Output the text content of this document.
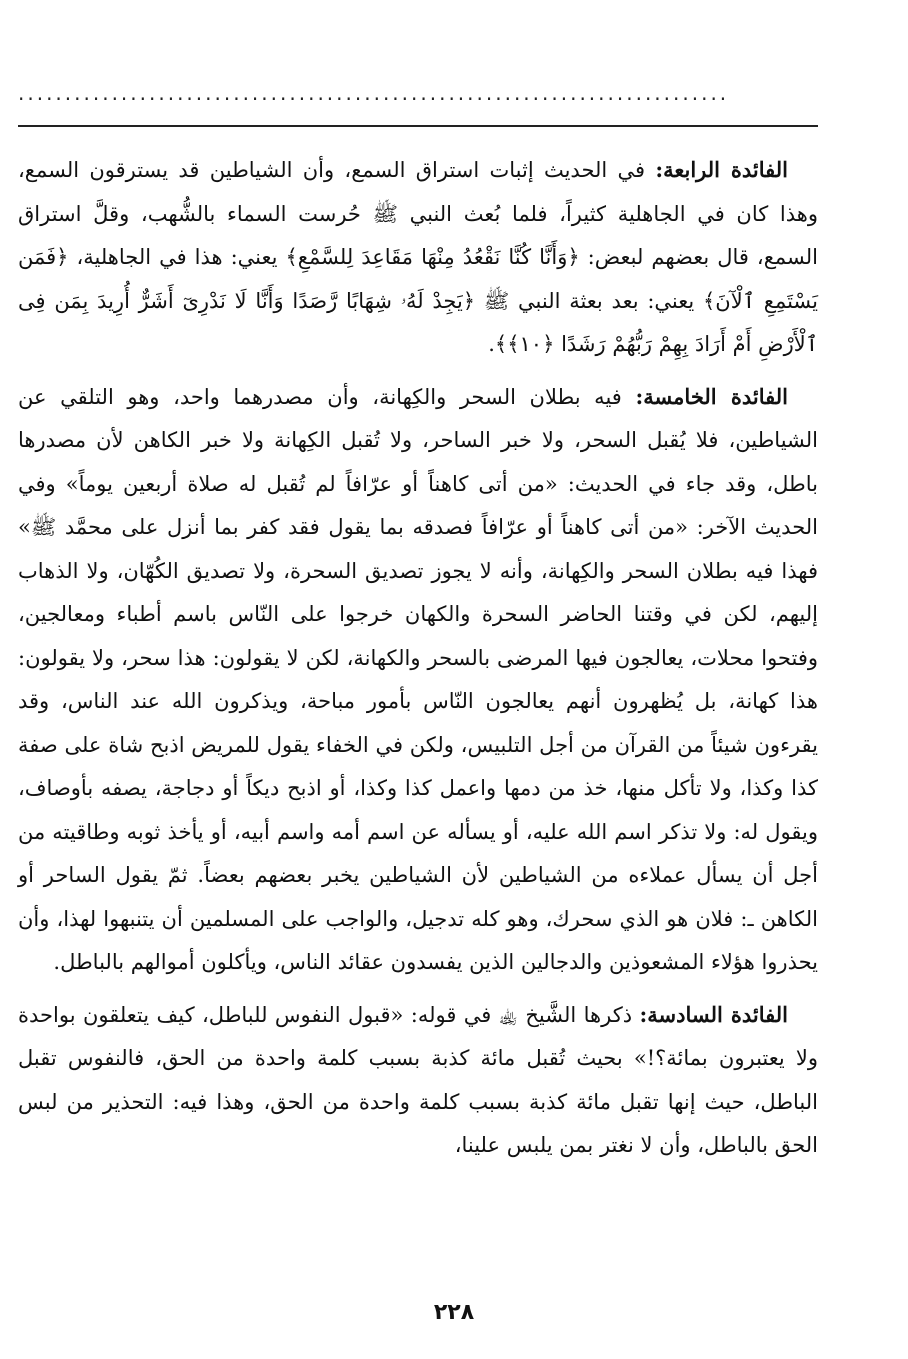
............................................................................

الفائدة الرابعة: في الحديث إثبات استراق السمع، وأن الشياطين قد يسترقون السمع، وهذا كان في الجاهلية كثيراً، فلما بُعث النبي ﷺ حُرست السماء بالشُّهب، وقلَّ استراق السمع، قال بعضهم لبعض: ﴿وَأَنَّا كُنَّا نَقْعُدُ مِنْهَا مَقَاعِدَ لِلسَّمْعِ﴾ يعني: هذا في الجاهلية، ﴿فَمَن يَسْتَمِعِ ٱلْآنَ﴾ يعني: بعد بعثة النبي ﷺ ﴿يَجِدْ لَهُۥ شِهَابًا رَّصَدًا وَأَنَّا لَا نَدْرِىٓ أَشَرٌّ أُرِيدَ بِمَن فِى ٱلْأَرْضِ أَمْ أَرَادَ بِهِمْ رَبُّهُمْ رَشَدًا ﴿١٠﴾﴾.

الفائدة الخامسة: فيه بطلان السحر والكِهانة، وأن مصدرهما واحد، وهو التلقي عن الشياطين، فلا يُقبل السحر، ولا خبر الساحر، ولا تُقبل الكِهانة ولا خبر الكاهن لأن مصدرها باطل، وقد جاء في الحديث: «من أتى كاهناً أو عرّافاً لم تُقبل له صلاة أربعين يوماً» وفي الحديث الآخر: «من أتى كاهناً أو عرّافاً فصدقه بما يقول فقد كفر بما أنزل على محمَّد ﷺ» فهذا فيه بطلان السحر والكِهانة، وأنه لا يجوز تصديق السحرة، ولا تصديق الكُهّان، ولا الذهاب إليهم، لكن في وقتنا الحاضر السحرة والكهان خرجوا على النّاس باسم أطباء ومعالجين، وفتحوا محلات، يعالجون فيها المرضى بالسحر والكهانة، لكن لا يقولون: هذا سحر، ولا يقولون: هذا كهانة، بل يُظهرون أنهم يعالجون النّاس بأمور مباحة، ويذكرون الله عند الناس، وقد يقرءون شيئاً من القرآن من أجل التلبيس، ولكن في الخفاء يقول للمريض اذبح شاة على صفة كذا وكذا، ولا تأكل منها، خذ من دمها واعمل كذا وكذا، أو اذبح ديكاً أو دجاجة، يصفه بأوصاف، ويقول له: ولا تذكر اسم الله عليه، أو يسأله عن اسم أمه واسم أبيه، أو يأخذ ثوبه وطاقيته من أجل أن يسأل عملاءه من الشياطين لأن الشياطين يخبر بعضهم بعضاً. ثمّ يقول الساحر أو الكاهن ـ: فلان هو الذي سحرك، وهو كله تدجيل، والواجب على المسلمين أن يتنبهوا لهذا، وأن يحذروا هؤلاء المشعوذين والدجالين الذين يفسدون عقائد الناس، ويأكلون أموالهم بالباطل.

الفائدة السادسة: ذكرها الشَّيخ ﵀ في قوله: «قبول النفوس للباطل، كيف يتعلقون بواحدة ولا يعتبرون بمائة؟!» بحيث تُقبل مائة كذبة بسبب كلمة واحدة من الحق، فالنفوس تقبل الباطل، حيث إنها تقبل مائة كذبة بسبب كلمة واحدة من الحق، وهذا فيه: التحذير من لبس الحق بالباطل، وأن لا نغتر بمن يلبس علينا،

٢٢٨
